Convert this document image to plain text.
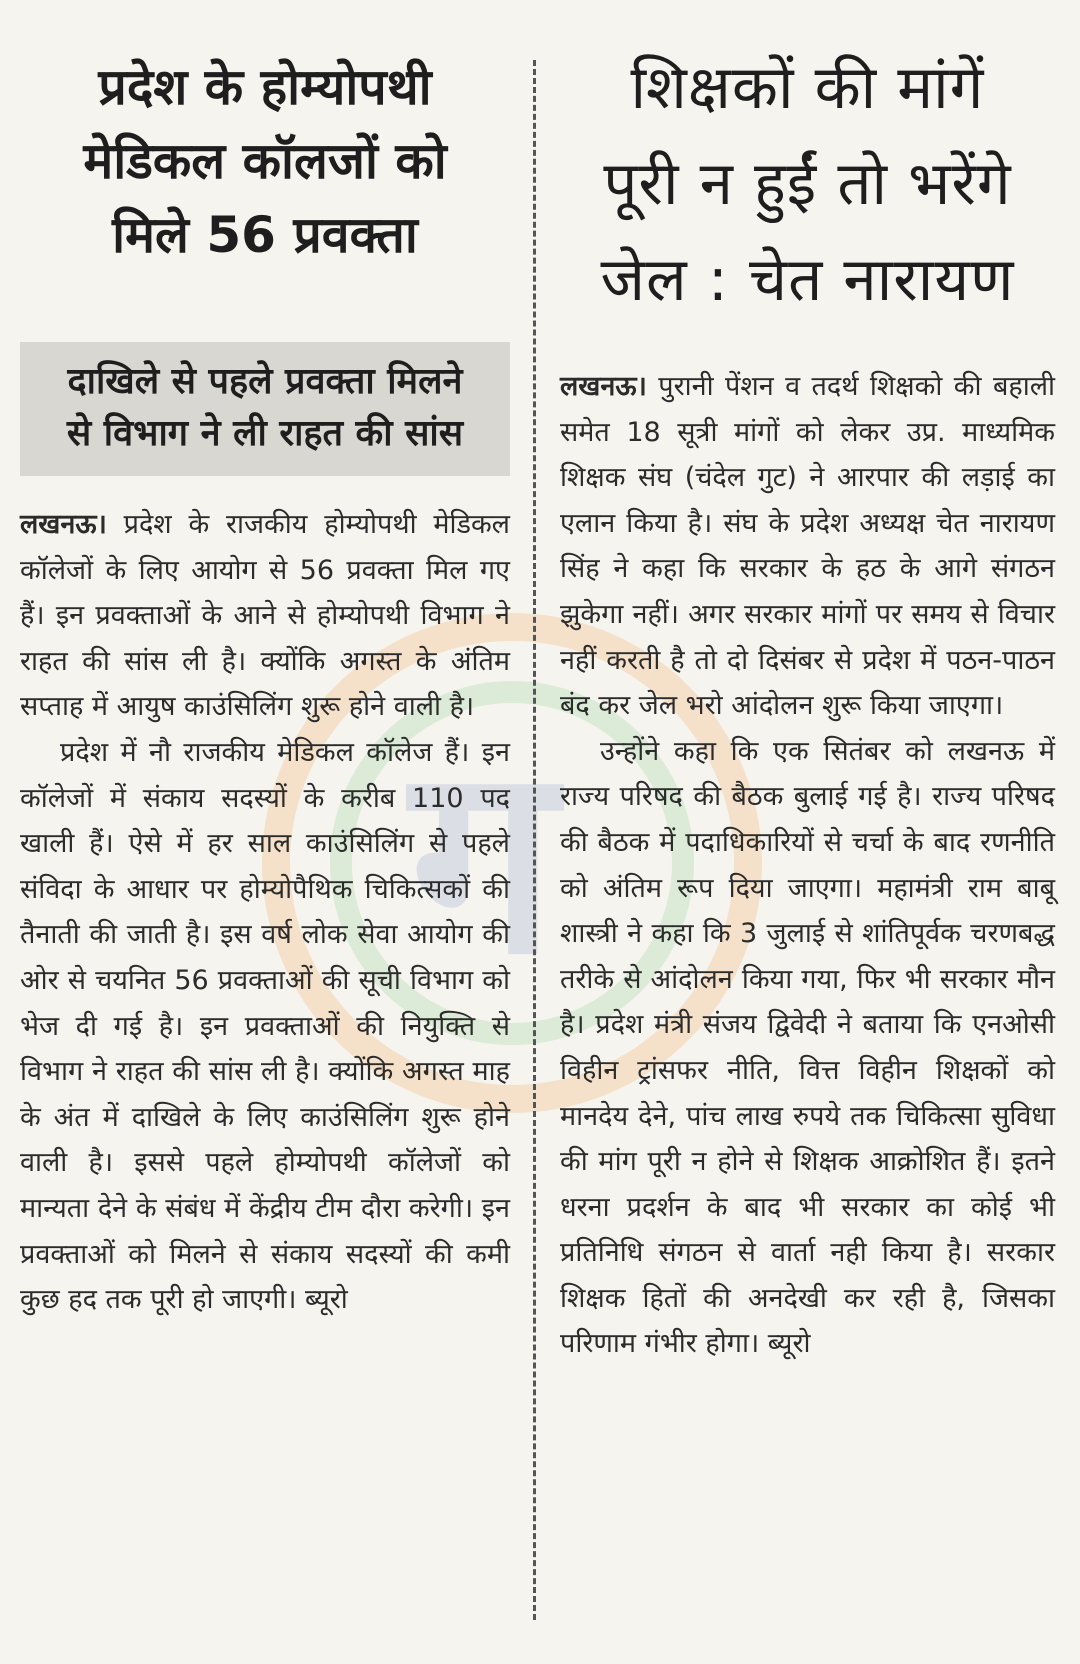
ग
प्रदेश के होम्योपथी
मेडिकल कॉलजों को
मिले 56 प्रवक्ता
दाखिले से पहले प्रवक्ता मिलने
से विभाग ने ली राहत की सांस

लखनऊ। प्रदेश के राजकीय होम्योपथी मेडिकल कॉलेजों के लिए आयोग से 56 प्रवक्ता मिल गए हैं। इन प्रवक्ताओं के आने से होम्योपथी विभाग ने राहत की सांस ली है। क्योंकि अगस्त के अंतिम सप्ताह में आयुष काउंसिलिंग शुरू होने वाली है।

प्रदेश में नौ राजकीय मेडिकल कॉलेज हैं। इन कॉलेजों में संकाय सदस्यों के करीब 110 पद खाली हैं। ऐसे में हर साल काउंसिलिंग से पहले संविदा के आधार पर होम्योपैथिक चिकित्सकों की तैनाती की जाती है। इस वर्ष लोक सेवा आयोग की ओर से चयनित 56 प्रवक्ताओं की सूची विभाग को भेज दी गई है। इन प्रवक्ताओं की नियुक्ति से विभाग ने राहत की सांस ली है। क्योंकि अगस्त माह के अंत में दाखिले के लिए काउंसिलिंग शुरू होने वाली है। इससे पहले होम्योपथी कॉलेजों को मान्यता देने के संबंध में केंद्रीय टीम दौरा करेगी। इन प्रवक्ताओं को मिलने से संकाय सदस्यों की कमी कुछ हद तक पूरी हो जाएगी। ब्यूरो

शिक्षकों की मांगें
पूरी न हुईं तो भरेंगे
जेल : चेत नारायण

लखनऊ। पुरानी पेंशन व तदर्थ शिक्षको की बहाली समेत 18 सूत्री मांगों को लेकर उप्र. माध्यमिक शिक्षक संघ (चंदेल गुट) ने आरपार की लड़ाई का एलान किया है। संघ के प्रदेश अध्यक्ष चेत नारायण सिंह ने कहा कि सरकार के हठ के आगे संगठन झुकेगा नहीं। अगर सरकार मांगों पर समय से विचार नहीं करती है तो दो दिसंबर से प्रदेश में पठन-पाठन बंद कर जेल भरो आंदोलन शुरू किया जाएगा।

उन्होंने कहा कि एक सितंबर को लखनऊ में राज्य परिषद की बैठक बुलाई गई है। राज्य परिषद की बैठक में पदाधिकारियों से चर्चा के बाद रणनीति को अंतिम रूप दिया जाएगा। महामंत्री राम बाबू शास्त्री ने कहा कि 3 जुलाई से शांतिपूर्वक चरणबद्ध तरीके से आंदोलन किया गया, फिर भी सरकार मौन है। प्रदेश मंत्री संजय द्विवेदी ने बताया कि एनओसी विहीन ट्रांसफर नीति, वित्त विहीन शिक्षकों को मानदेय देने, पांच लाख रुपये तक चिकित्सा सुविधा की मांग पूरी न होने से शिक्षक आक्रोशित हैं। इतने धरना प्रदर्शन के बाद भी सरकार का कोई भी प्रतिनिधि संगठन से वार्ता नही किया है। सरकार शिक्षक हितों की अनदेखी कर रही है, जिसका परिणाम गंभीर होगा। ब्यूरो
